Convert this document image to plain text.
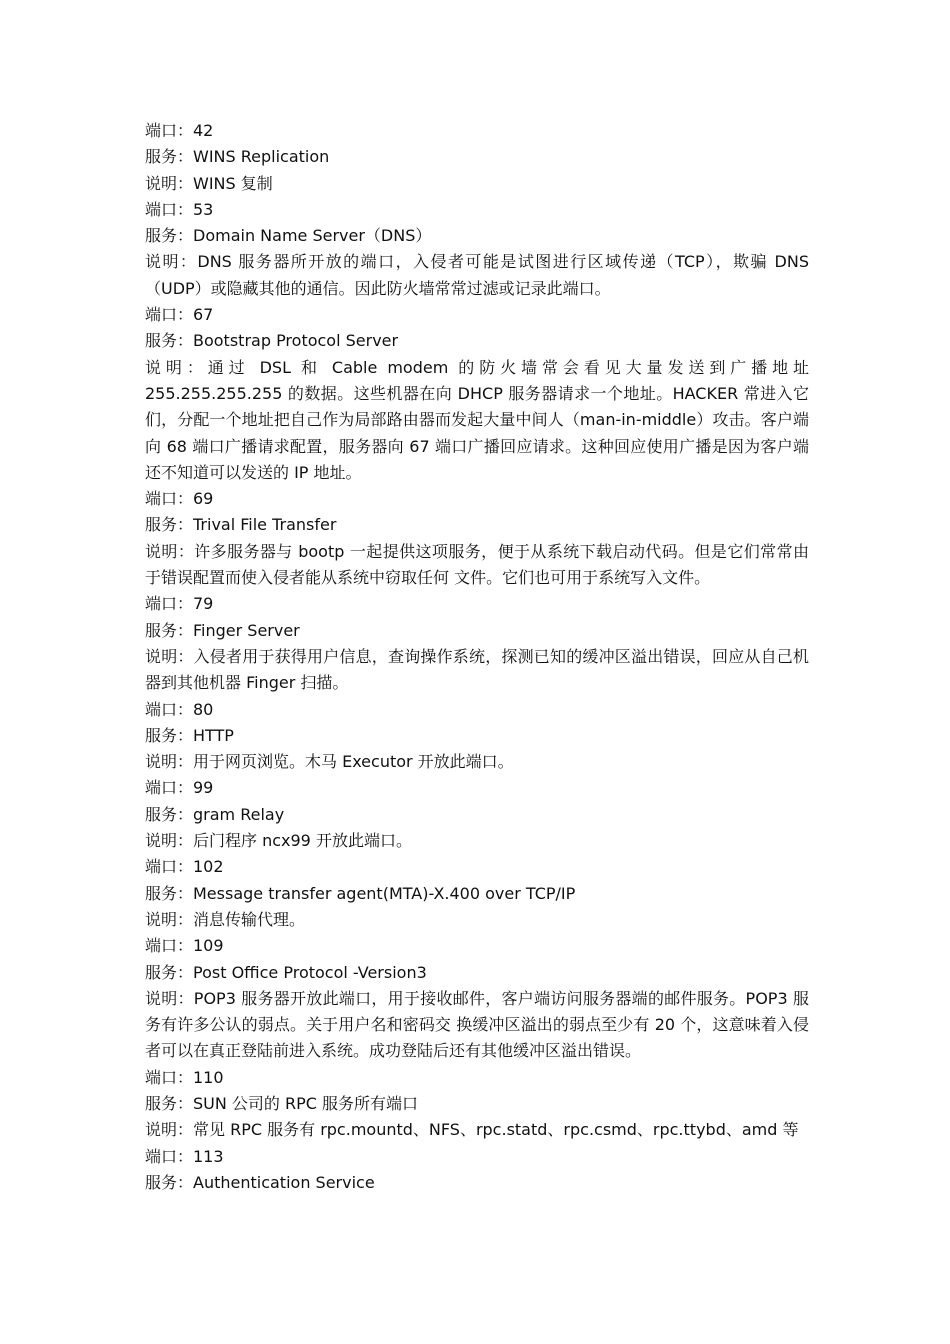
端口：42

服务：WINS Replication

说明：WINS 复制

端口：53

服务：Domain Name Server（DNS）

说明：DNS 服务器所开放的端口，入侵者可能是试图进行区域传递（TCP），欺骗 DNS（UDP）或隐藏其他的通信。因此防火墙常常过滤或记录此端口。

端口：67

服务：Bootstrap Protocol Server

说明：通过 DSL 和 Cable modem 的防火墙常会看见大量发送到广播地址 255.255.255.255 的数据。这些机器在向 DHCP 服务器请求一个地址。HACKER 常进入它们，分配一个地址把自己作为局部路由器而发起大量中间人（man-in-middle）攻击。客户端向 68 端口广播请求配置，服务器向 67 端口广播回应请求。这种回应使用广播是因为客户端还不知道可以发送的 IP 地址。

端口：69

服务：Trival File Transfer

说明：许多服务器与 bootp 一起提供这项服务，便于从系统下载启动代码。但是它们常常由于错误配置而使入侵者能从系统中窃取任何 文件。它们也可用于系统写入文件。

端口：79

服务：Finger Server

说明：入侵者用于获得用户信息，查询操作系统，探测已知的缓冲区溢出错误，回应从自己机器到其他机器 Finger 扫描。

端口：80

服务：HTTP

说明：用于网页浏览。木马 Executor 开放此端口。

端口：99

服务：gram Relay

说明：后门程序 ncx99 开放此端口。

端口：102

服务：Message transfer agent(MTA)-X.400 over TCP/IP

说明：消息传输代理。

端口：109

服务：Post Office Protocol -Version3

说明：POP3 服务器开放此端口，用于接收邮件，客户端访问服务器端的邮件服务。POP3 服务有许多公认的弱点。关于用户名和密码交 换缓冲区溢出的弱点至少有 20 个，这意味着入侵者可以在真正登陆前进入系统。成功登陆后还有其他缓冲区溢出错误。

端口：110

服务：SUN 公司的 RPC 服务所有端口

说明：常见 RPC 服务有 rpc.mountd、NFS、rpc.statd、rpc.csmd、rpc.ttybd、amd 等

端口：113

服务：Authentication Service
